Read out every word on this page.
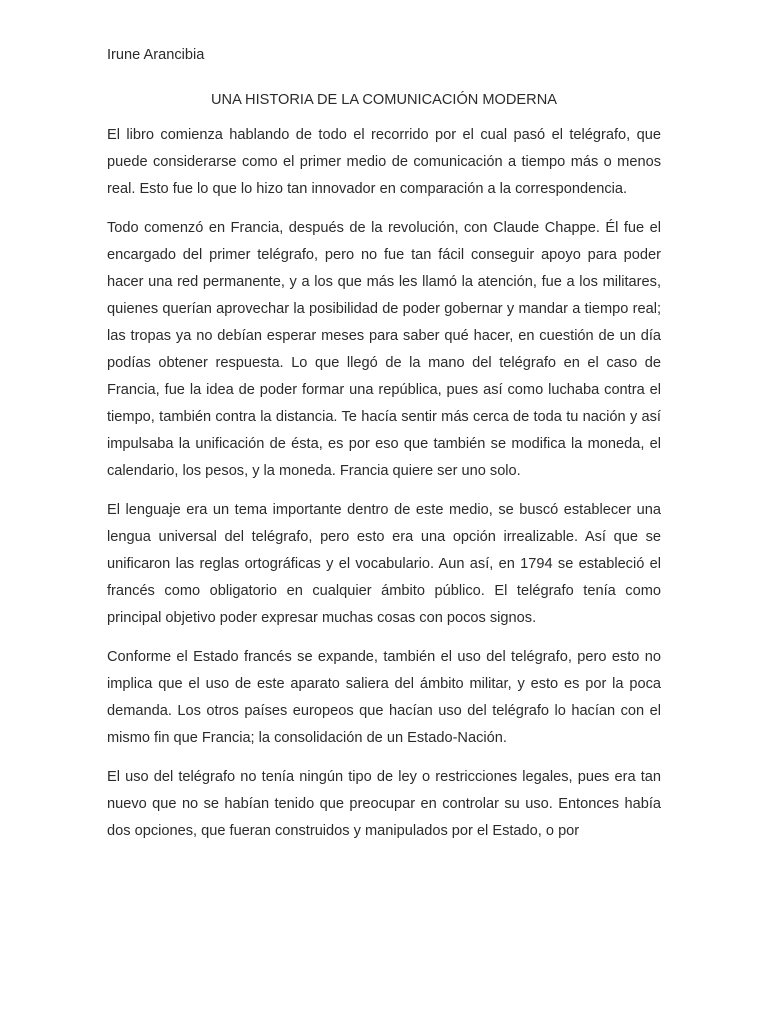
Irune Arancibia

UNA HISTORIA DE LA COMUNICACIÓN MODERNA

El libro comienza hablando de todo el recorrido por el cual pasó el telégrafo, que puede considerarse como el primer medio de comunicación a tiempo más o menos real. Esto fue lo que lo hizo tan innovador en comparación a la correspondencia.

Todo comenzó en Francia, después de la revolución, con Claude Chappe. Él fue el encargado del primer telégrafo, pero no fue tan fácil conseguir apoyo para poder hacer una red permanente, y a los que más les llamó la atención, fue a los militares, quienes querían aprovechar la posibilidad de poder gobernar y mandar a tiempo real; las tropas ya no debían esperar meses para saber qué hacer, en cuestión de un día podías obtener respuesta. Lo que llegó de la mano del telégrafo en el caso de Francia, fue la idea de poder formar una república, pues así como luchaba contra el tiempo, también contra la distancia. Te hacía sentir más cerca de toda tu nación y así impulsaba la unificación de ésta, es por eso que también se modifica la moneda, el calendario, los pesos, y la moneda. Francia quiere ser uno solo.

El lenguaje era un tema importante dentro de este medio, se buscó establecer una lengua universal del telégrafo, pero esto era una opción irrealizable. Así que se unificaron las reglas ortográficas y el vocabulario. Aun así, en 1794 se estableció el francés como obligatorio en cualquier ámbito público. El telégrafo tenía como principal objetivo poder expresar muchas cosas con pocos signos.

Conforme el Estado francés se expande, también el uso del telégrafo, pero esto no implica que el uso de este aparato saliera del ámbito militar, y esto es por la poca demanda. Los otros países europeos que hacían uso del telégrafo lo hacían con el mismo fin que Francia; la consolidación de un Estado-Nación.

El uso del telégrafo no tenía ningún tipo de ley o restricciones legales, pues era tan nuevo que no se habían tenido que preocupar en controlar su uso. Entonces había dos opciones, que fueran construidos y manipulados por el Estado, o por
